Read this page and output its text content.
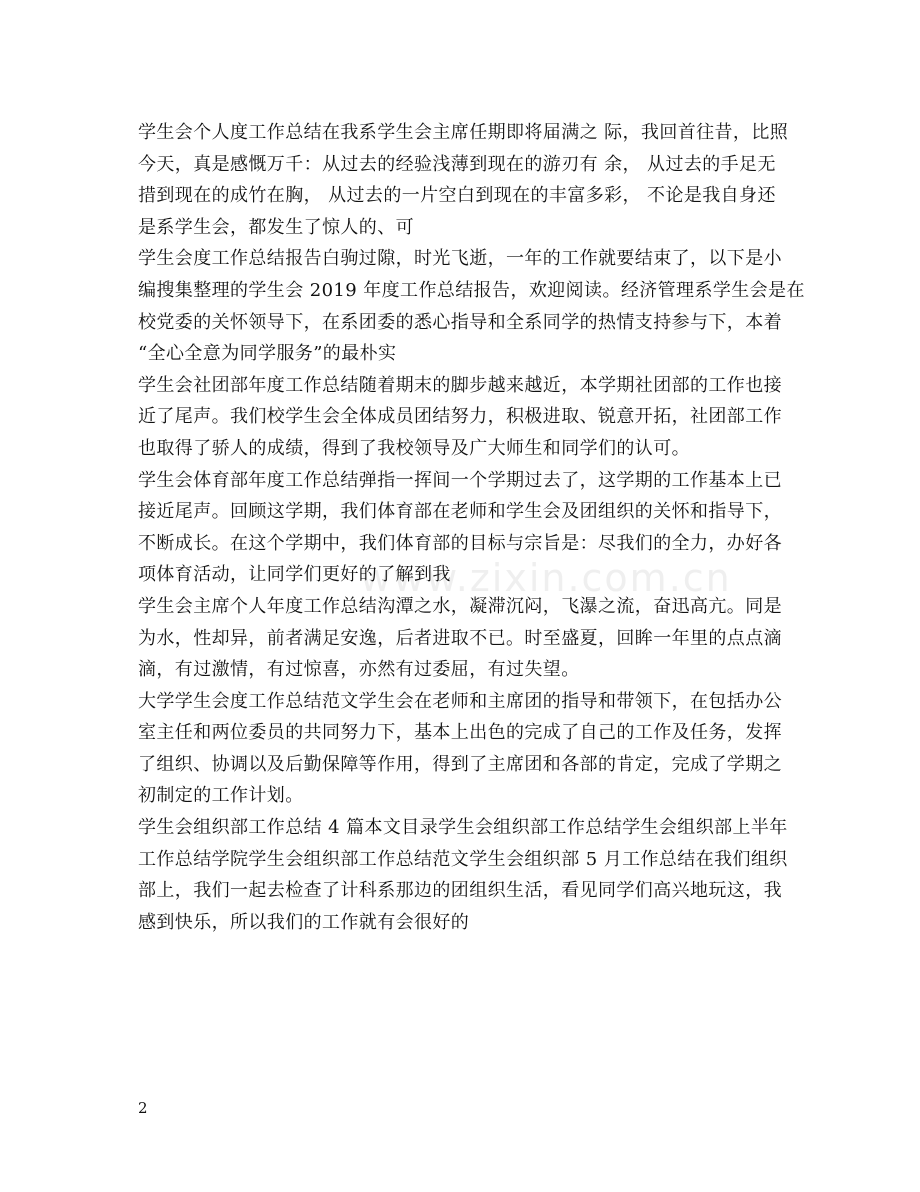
www.zixin.com.cn
学生会个人度工作总结在我系学生会主席任期即将届满之 际，我回首往昔，比照
今天，真是感慨万千：从过去的经验浅薄到现在的游刃有 余， 从过去的手足无
措到现在的成竹在胸， 从过去的一片空白到现在的丰富多彩， 不论是我自身还
是系学生会，都发生了惊人的、可
学生会度工作总结报告白驹过隙，时光飞逝，一年的工作就要结束了，以下是小
编搜集整理的学生会 2019 年度工作总结报告，欢迎阅读。经济管理系学生会是在
校党委的关怀领导下，在系团委的悉心指导和全系同学的热情支持参与下，本着
“全心全意为同学服务”的最朴实
学生会社团部年度工作总结随着期末的脚步越来越近，本学期社团部的工作也接
近了尾声。我们校学生会全体成员团结努力，积极进取、锐意开拓，社团部工作
也取得了骄人的成绩，得到了我校领导及广大师生和同学们的认可。
学生会体育部年度工作总结弹指一挥间一个学期过去了，这学期的工作基本上已
接近尾声。回顾这学期，我们体育部在老师和学生会及团组织的关怀和指导下，
不断成长。在这个学期中，我们体育部的目标与宗旨是：尽我们的全力，办好各
项体育活动，让同学们更好的了解到我
学生会主席个人年度工作总结沟潭之水，凝滞沉闷，飞瀑之流，奋迅高亢。同是
为水，性却异，前者满足安逸，后者进取不已。时至盛夏，回眸一年里的点点滴
滴，有过激情，有过惊喜，亦然有过委屈，有过失望。
大学学生会度工作总结范文学生会在老师和主席团的指导和带领下，在包括办公
室主任和两位委员的共同努力下，基本上出色的完成了自己的工作及任务，发挥
了组织、协调以及后勤保障等作用，得到了主席团和各部的肯定，完成了学期之
初制定的工作计划。
学生会组织部工作总结 4 篇本文目录学生会组织部工作总结学生会组织部上半年
工作总结学院学生会组织部工作总结范文学生会组织部 5 月工作总结在我们组织
部上，我们一起去检查了计科系那边的团组织生活，看见同学们高兴地玩这，我
感到快乐，所以我们的工作就有会很好的
2
